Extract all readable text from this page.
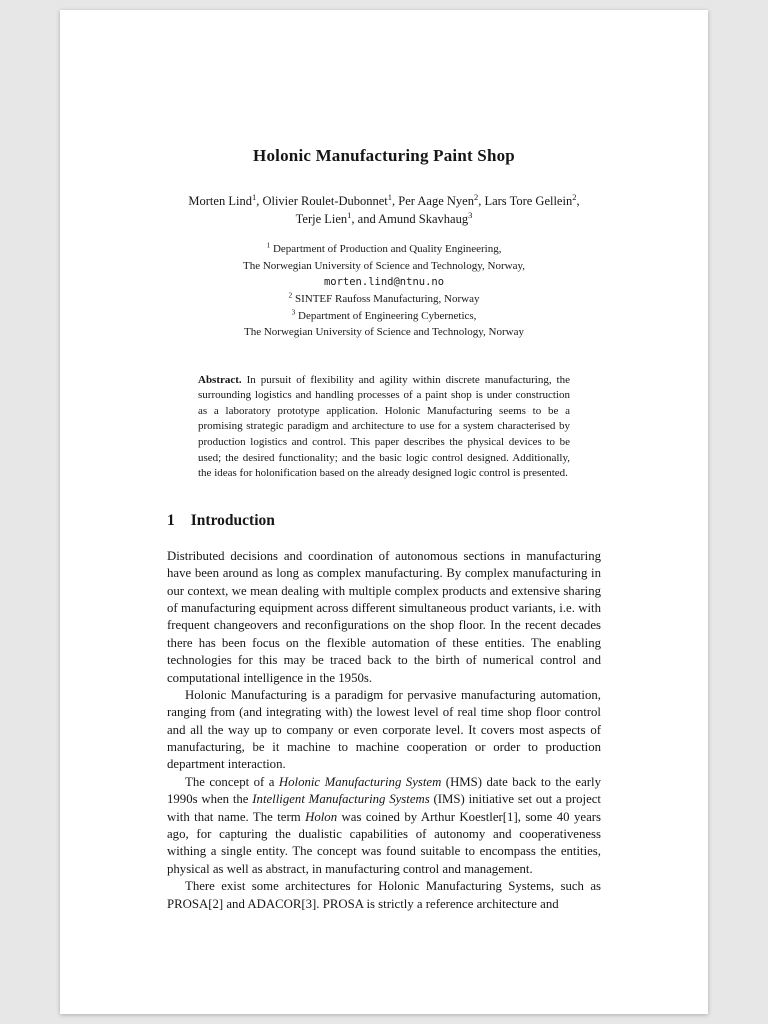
Holonic Manufacturing Paint Shop
Morten Lind$^1$, Olivier Roulet-Dubonnet$^1$, Per Aage Nyen$^2$, Lars Tore Gellein$^2$,
Terje Lien$^1$, and Amund Skavhaug$^3$
$^1$ Department of Production and Quality Engineering,
The Norwegian University of Science and Technology, Norway,
morten.lind@ntnu.no
$^2$ SINTEF Raufoss Manufacturing, Norway
$^3$ Department of Engineering Cybernetics,
The Norwegian University of Science and Technology, Norway
Abstract. In pursuit of flexibility and agility within discrete manufacturing, the surrounding logistics and handling processes of a paint shop is under construction as a laboratory prototype application. Holonic Manufacturing seems to be a promising strategic paradigm and architecture to use for a system characterised by production logistics and control. This paper describes the physical devices to be used; the desired functionality; and the basic logic control designed. Additionally, the ideas for holonification based on the already designed logic control is presented.
1 Introduction

Distributed decisions and coordination of autonomous sections in manufacturing have been around as long as complex manufacturing. By complex manufacturing in our context, we mean dealing with multiple complex products and extensive sharing of manufacturing equipment across different simultaneous product variants, i.e. with frequent changeovers and reconfigurations on the shop floor. In the recent decades there has been focus on the flexible automation of these entities. The enabling technologies for this may be traced back to the birth of numerical control and computational intelligence in the 1950s.

Holonic Manufacturing is a paradigm for pervasive manufacturing automation, ranging from (and integrating with) the lowest level of real time shop floor control and all the way up to company or even corporate level. It covers most aspects of manufacturing, be it machine to machine cooperation or order to production department interaction.

The concept of a Holonic Manufacturing System (HMS) date back to the early 1990s when the Intelligent Manufacturing Systems (IMS) initiative set out a project with that name. The term Holon was coined by Arthur Koestler[1], some 40 years ago, for capturing the dualistic capabilities of autonomy and cooperativeness withing a single entity. The concept was found suitable to encompass the entities, physical as well as abstract, in manufacturing control and management.

There exist some architectures for Holonic Manufacturing Systems, such as PROSA[2] and ADACOR[3]. PROSA is strictly a reference architecture and
